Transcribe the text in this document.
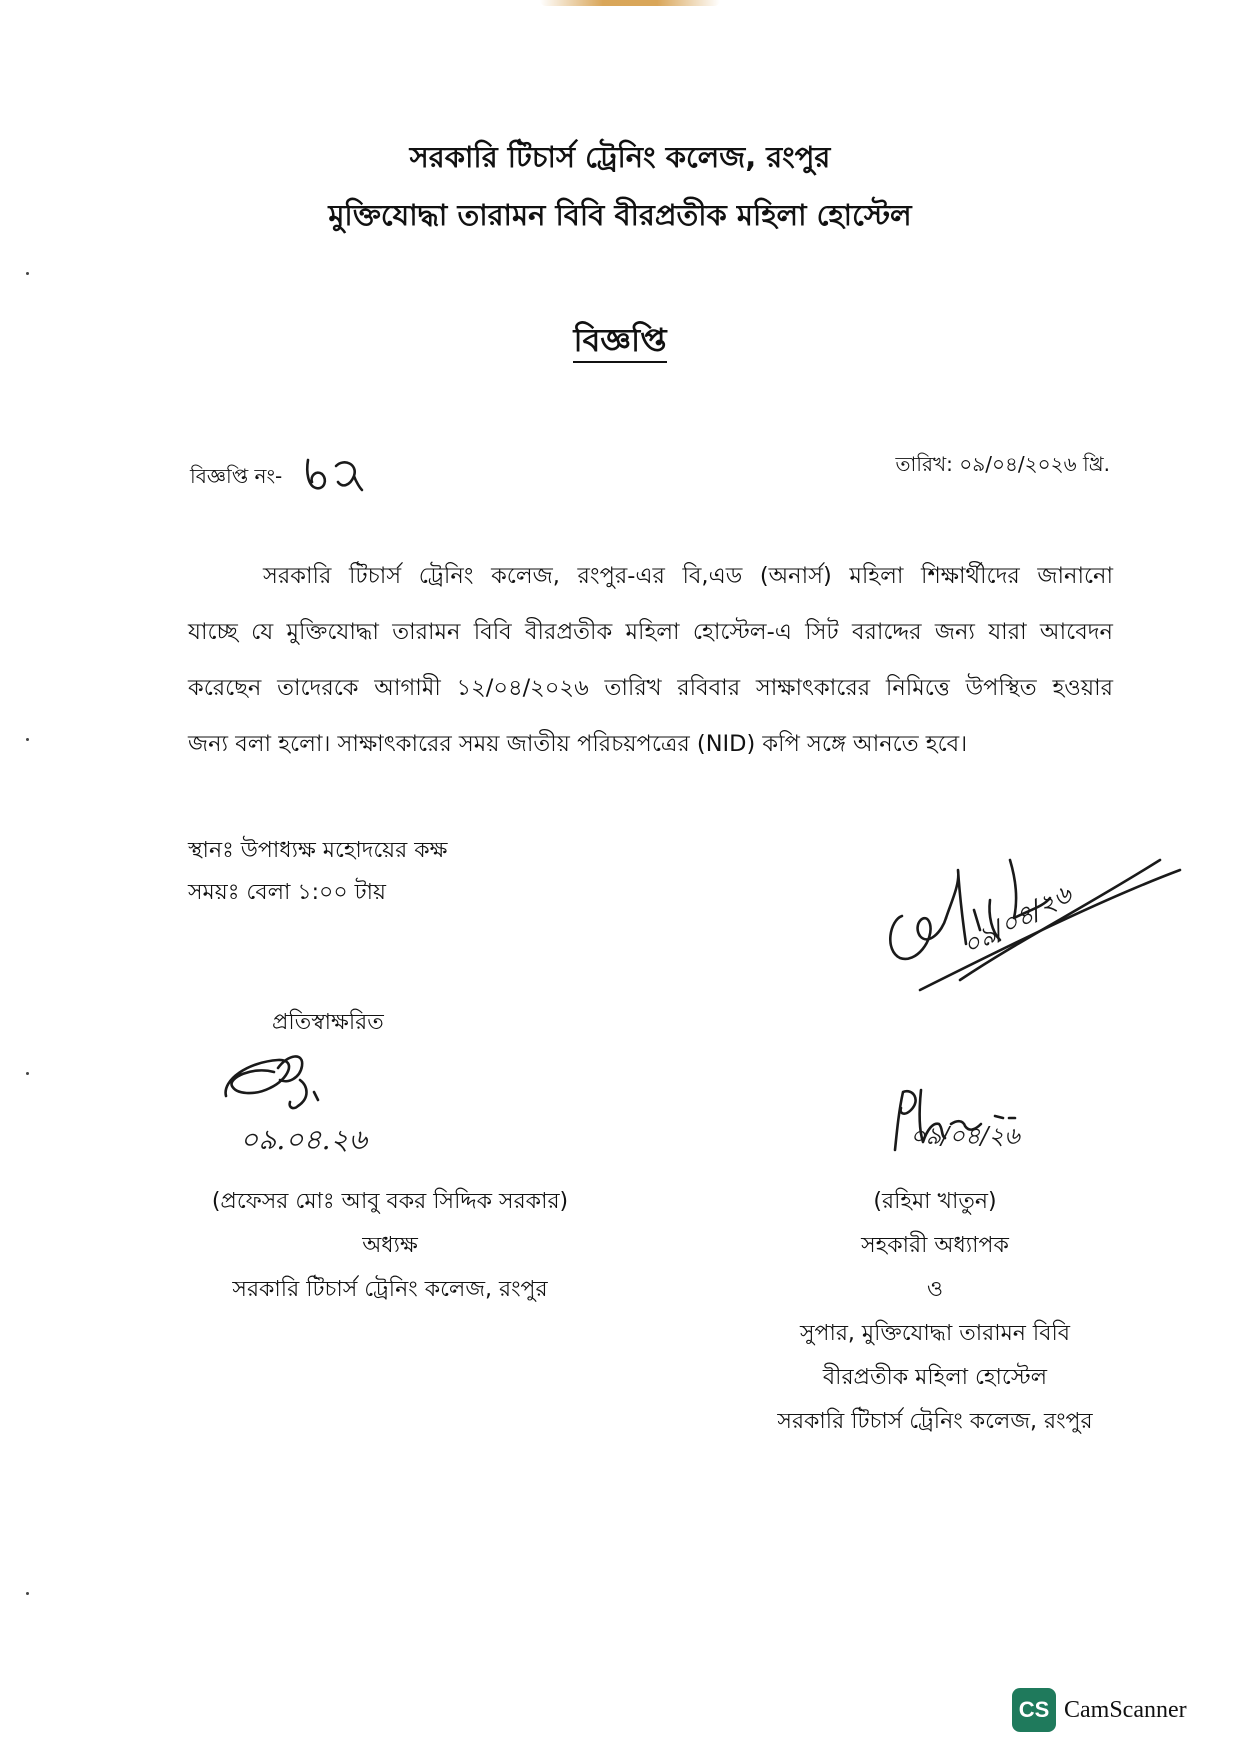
সরকারি টিচার্স ট্রেনিং কলেজ, রংপুর
মুক্তিযোদ্ধা তারামন বিবি বীরপ্রতীক মহিলা হোস্টেল
বিজ্ঞপ্তি
বিজ্ঞপ্তি নং-	তারিখ: ০৯/০৪/২০২৬ খ্রি.
সরকারি টিচার্স ট্রেনিং কলেজ, রংপুর-এর বি,এড (অনার্স) মহিলা শিক্ষার্থীদের জানানো
যাচ্ছে যে মুক্তিযোদ্ধা তারামন বিবি বীরপ্রতীক মহিলা হোস্টেল-এ সিট বরাদ্দের জন্য যারা আবেদন
করেছেন তাদেরকে আগামী ১২/০৪/২০২৬ তারিখ রবিবার সাক্ষাৎকারের নিমিত্তে উপস্থিত হওয়ার
জন্য বলা হলো। সাক্ষাৎকারের সময় জাতীয় পরিচয়পত্রের (NID) কপি সঙ্গে আনতে হবে।
স্থানঃ উপাধ্যক্ষ মহোদয়ের কক্ষ
সময়ঃ বেলা ১:০০ টায়
প্রতিস্বাক্ষরিত
০৯.০৪.২৬
০৯/০৪/২৬
০৯/০৪/২৬
(প্রফেসর মোঃ আবু বকর সিদ্দিক সরকার)
অধ্যক্ষ
সরকারি টিচার্স ট্রেনিং কলেজ, রংপুর
(রহিমা খাতুন)
সহকারী অধ্যাপক
ও
সুপার, মুক্তিযোদ্ধা তারামন বিবি
বীরপ্রতীক মহিলা হোস্টেল
সরকারি টিচার্স ট্রেনিং কলেজ, রংপুর
CS CamScanner
